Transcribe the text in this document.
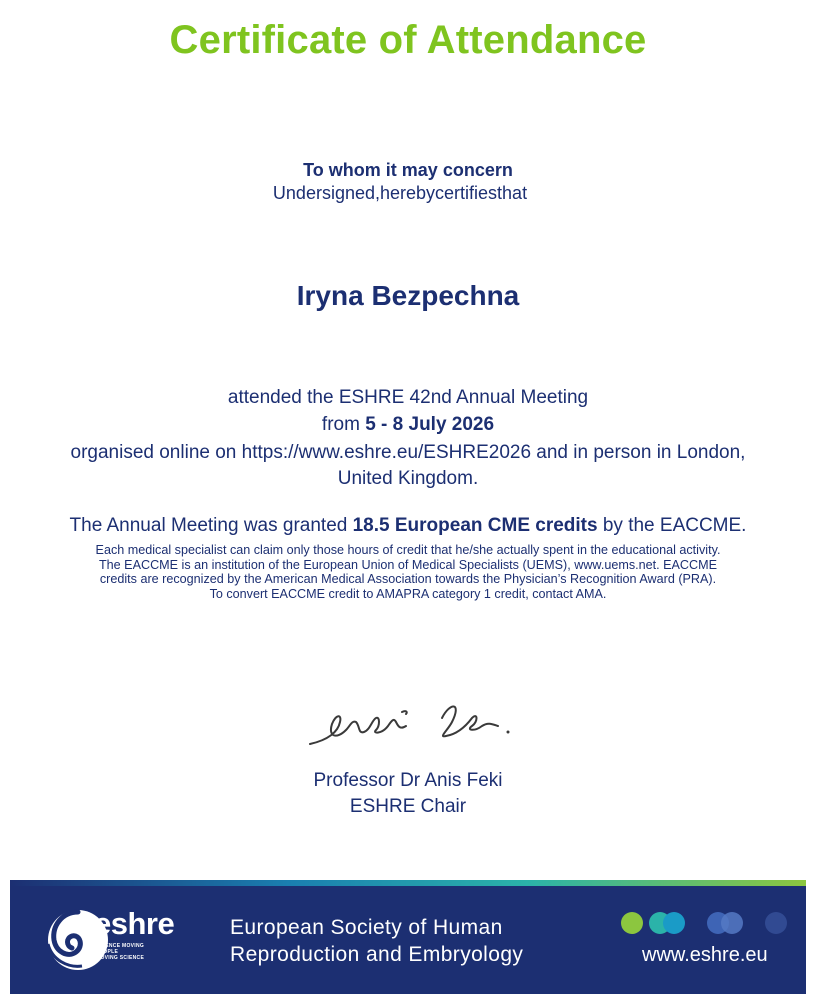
Certificate of Attendance
To whom it may concern
Undersigned,herebycertifiesthat
Iryna Bezpechna
attended the ESHRE 42nd Annual Meeting
from 5 - 8 July 2026
organised online on https://www.eshre.eu/ESHRE2026 and in person in London,
United Kingdom.
The Annual Meeting was granted 18.5 European CME credits by the EACCME.
Each medical specialist can claim only those hours of credit that he/she actually spent in the educational activity.
The EACCME is an institution of the European Union of Medical Specialists (UEMS), www.uems.net. EACCME
credits are recognized by the American Medical Association towards the Physician’s Recognition Award (PRA).
To convert EACCME credit to AMAPRA category 1 credit, contact AMA.
Professor Dr Anis Feki
ESHRE Chair
eshre
SCIENCE MOVING
PEOPLE
MOVING SCIENCE
European Society of Human
Reproduction and Embryology	www.eshre.eu
